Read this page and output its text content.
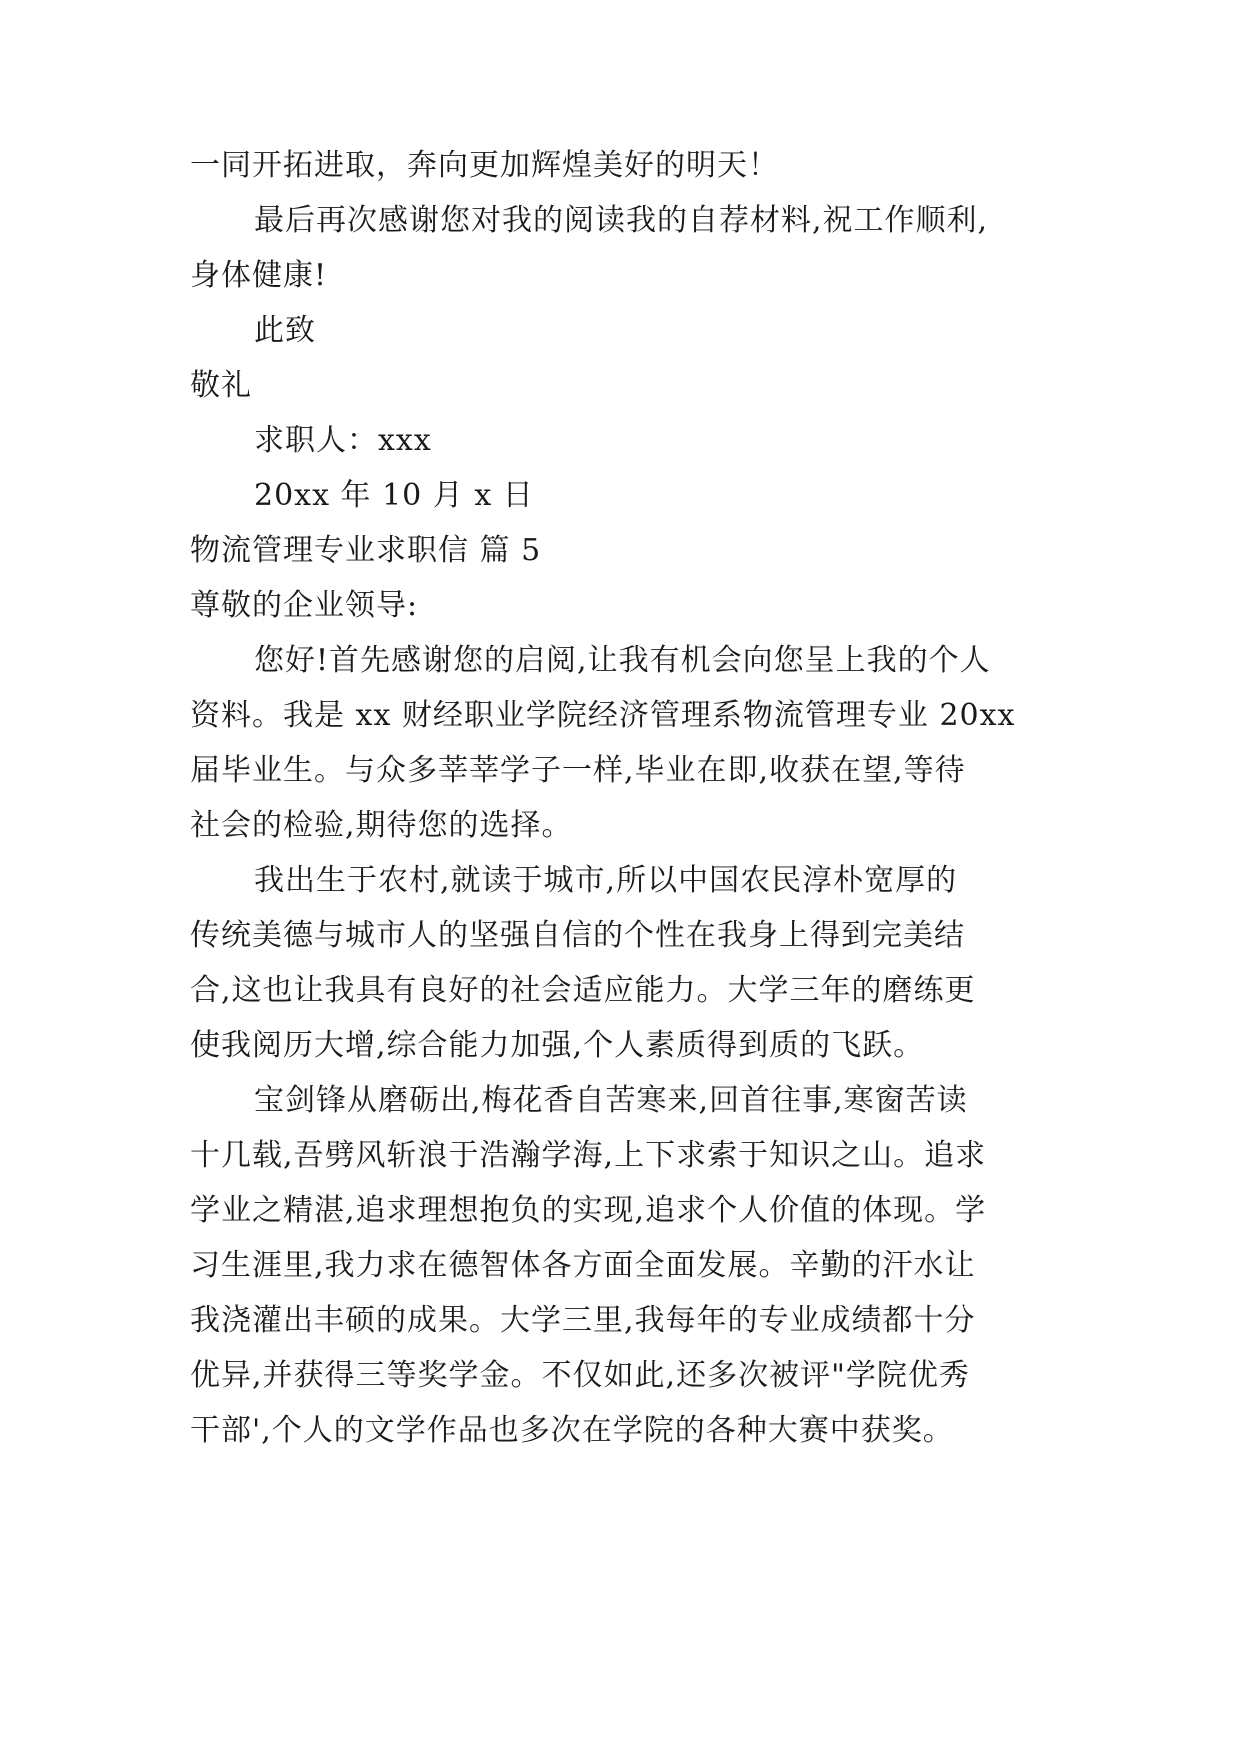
一同开拓进取，奔向更加辉煌美好的明天！
最后再次感谢您对我的阅读我的自荐材料,祝工作顺利,
身体健康!
此致
敬礼
求职人：xxx
20xx 年 10 月 x 日
物流管理专业求职信 篇 5
尊敬的企业领导:
您好!首先感谢您的启阅,让我有机会向您呈上我的个人
资料。我是 xx 财经职业学院经济管理系物流管理专业 20xx
届毕业生。与众多莘莘学子一样,毕业在即,收获在望,等待
社会的检验,期待您的选择。
我出生于农村,就读于城市,所以中国农民淳朴宽厚的
传统美德与城市人的坚强自信的个性在我身上得到完美结
合,这也让我具有良好的社会适应能力。大学三年的磨练更
使我阅历大增,综合能力加强,个人素质得到质的飞跃。
宝剑锋从磨砺出,梅花香自苦寒来,回首往事,寒窗苦读
十几载,吾劈风斩浪于浩瀚学海,上下求索于知识之山。追求
学业之精湛,追求理想抱负的实现,追求个人价值的体现。学
习生涯里,我力求在德智体各方面全面发展。辛勤的汗水让
我浇灌出丰硕的成果。大学三里,我每年的专业成绩都十分
优异,并获得三等奖学金。不仅如此,还多次被评"学院优秀
干部',个人的文学作品也多次在学院的各种大赛中获奖。
